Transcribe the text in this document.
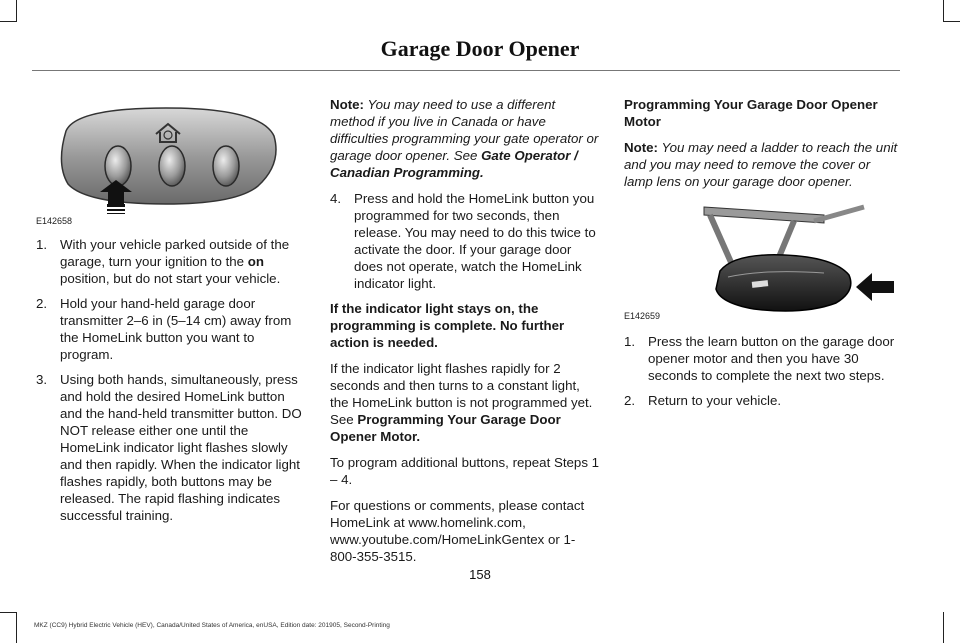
Garage Door Opener
E142658
1. With your vehicle parked outside of the garage, turn your ignition to the on position, but do not start your vehicle.
2. Hold your hand-held garage door transmitter 2–6 in (5–14 cm) away from the HomeLink button you want to program.
3. Using both hands, simultaneously, press and hold the desired HomeLink button and the hand-held transmitter button. DO NOT release either one until the HomeLink indicator light flashes slowly and then rapidly. When the indicator light flashes rapidly, both buttons may be released. The rapid flashing indicates successful training.

Note: You may need to use a different method if you live in Canada or have difficulties programming your gate operator or garage door opener. See Gate Operator / Canadian Programming.

4. Press and hold the HomeLink button you programmed for two seconds, then release. You may need to do this twice to activate the door. If your garage door does not operate, watch the HomeLink indicator light.

If the indicator light stays on, the programming is complete. No further action is needed.

If the indicator light flashes rapidly for 2 seconds and then turns to a constant light, the HomeLink button is not programmed yet. See Programming Your Garage Door Opener Motor.

To program additional buttons, repeat Steps 1 – 4.

For questions or comments, please contact HomeLink at www.homelink.com, www.youtube.com/HomeLinkGentex or 1-800-355-3515.

Programming Your Garage Door Opener Motor

Note: You may need a ladder to reach the unit and you may need to remove the cover or lamp lens on your garage door opener.

E142659
1. Press the learn button on the garage door opener motor and then you have 30 seconds to complete the next two steps.
2. Return to your vehicle.
158
MKZ (CC9) Hybrid Electric Vehicle (HEV), Canada/United States of America, enUSA, Edition date: 201905, Second-Printing
